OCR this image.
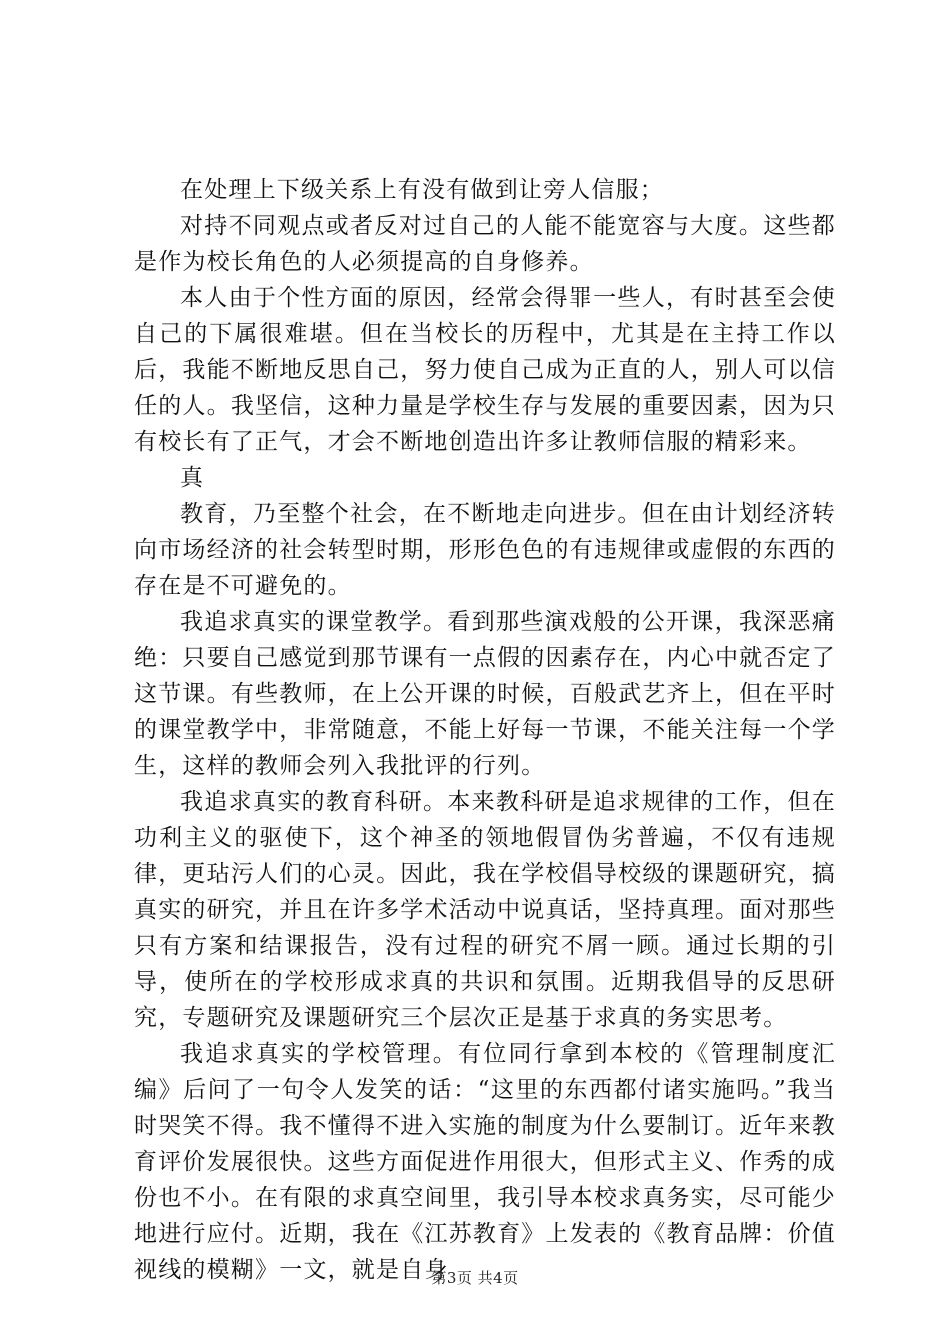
在处理上下级关系上有没有做到让旁人信服；

对持不同观点或者反对过自己的人能不能宽容与大度。这些都是作为校长角色的人必须提高的自身修养。

本人由于个性方面的原因，经常会得罪一些人，有时甚至会使自己的下属很难堪。但在当校长的历程中，尤其是在主持工作以后，我能不断地反思自己，努力使自己成为正直的人，别人可以信任的人。我坚信，这种力量是学校生存与发展的重要因素，因为只有校长有了正气，才会不断地创造出许多让教师信服的精彩来。

真

教育，乃至整个社会，在不断地走向进步。但在由计划经济转向市场经济的社会转型时期，形形色色的有违规律或虚假的东西的存在是不可避免的。

我追求真实的课堂教学。看到那些演戏般的公开课，我深恶痛绝：只要自己感觉到那节课有一点假的因素存在，内心中就否定了这节课。有些教师，在上公开课的时候，百般武艺齐上，但在平时的课堂教学中，非常随意，不能上好每一节课，不能关注每一个学生，这样的教师会列入我批评的行列。

我追求真实的教育科研。本来教科研是追求规律的工作，但在功利主义的驱使下，这个神圣的领地假冒伪劣普遍，不仅有违规律，更玷污人们的心灵。因此，我在学校倡导校级的课题研究，搞真实的研究，并且在许多学术活动中说真话，坚持真理。面对那些只有方案和结课报告，没有过程的研究不屑一顾。通过长期的引导，使所在的学校形成求真的共识和氛围。近期我倡导的反思研究，专题研究及课题研究三个层次正是基于求真的务实思考。

我追求真实的学校管理。有位同行拿到本校的《管理制度汇编》后问了一句令人发笑的话：“这里的东西都付诸实施吗。”我当时哭笑不得。我不懂得不进入实施的制度为什么要制订。近年来教育评价发展很快。这些方面促进作用很大，但形式主义、作秀的成份也不小。在有限的求真空间里，我引导本校求真务实，尽可能少地进行应付。近期，我在《江苏教育》上发表的《教育品牌：价值视线的模糊》一文，就是自身

第3页 共4页
